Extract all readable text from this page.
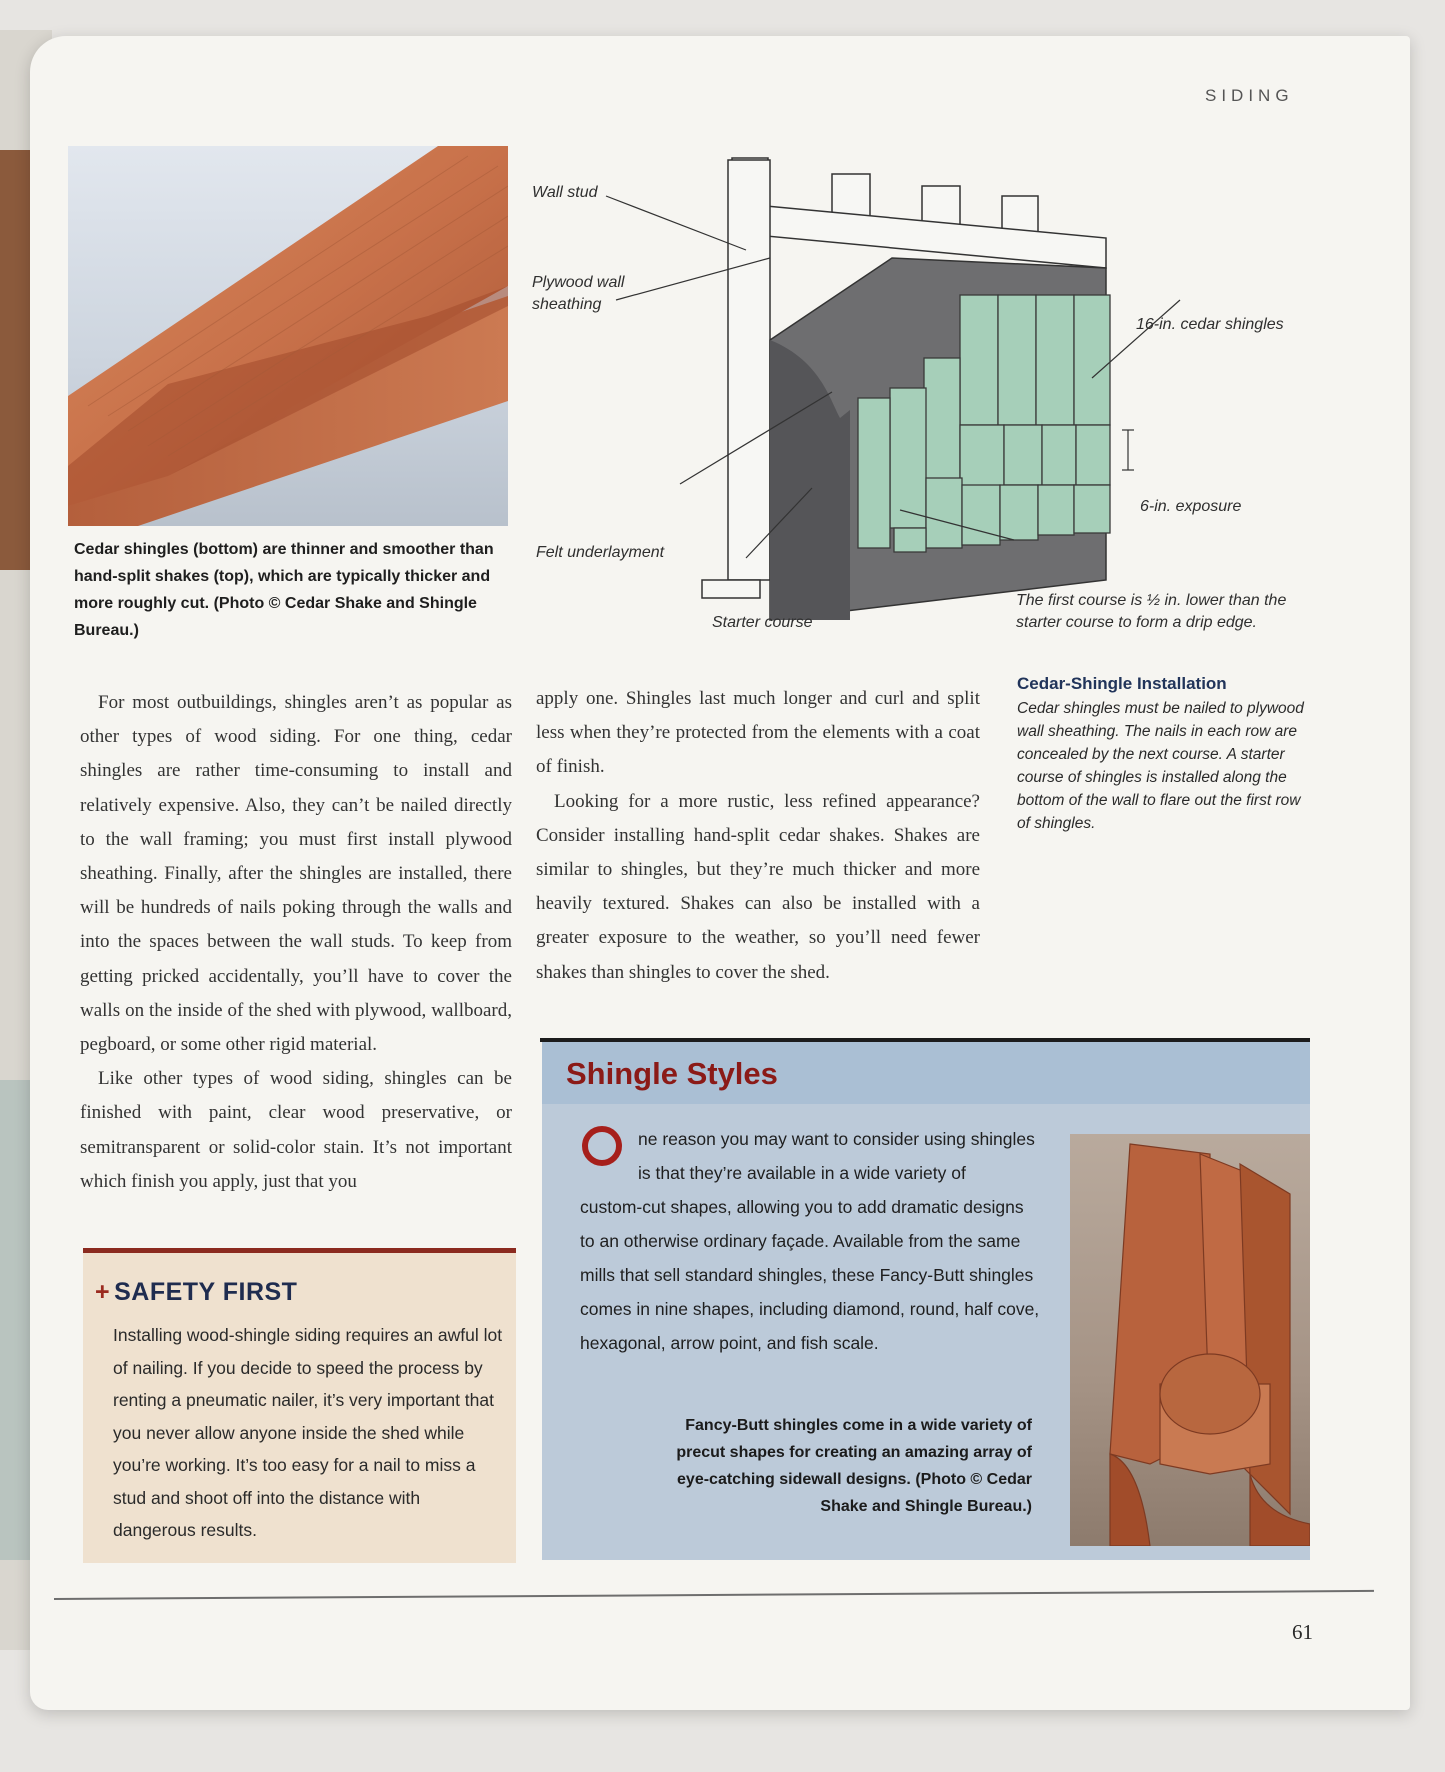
SIDING
Cedar shingles (bottom) are thinner and smoother than hand-split shakes (top), which are typically thicker and more roughly cut. (Photo © Cedar Shake and Shingle Bureau.)
Wall stud
Plywood wall
sheathing
Felt underlayment
Starter course
16-in. cedar shingles
6-in. exposure
The first course is ½ in. lower than the
starter course to form a drip edge.
Cedar-Shingle Installation
Cedar shingles must be nailed to plywood wall sheathing. The nails in each row are concealed by the next course. A starter course of shingles is installed along the bottom of the wall to flare out the first row of shingles.

For most outbuildings, shingles aren’t as popular as other types of wood siding. For one thing, cedar shingles are rather time-consuming to install and relatively expensive. Also, they can’t be nailed directly to the wall framing; you must first install plywood sheathing. Finally, after the shingles are installed, there will be hundreds of nails poking through the walls and into the spaces between the wall studs. To keep from getting pricked accidentally, you’ll have to cover the walls on the inside of the shed with plywood, wallboard, pegboard, or some other rigid material.

Like other types of wood siding, shingles can be finished with paint, clear wood preservative, or semitransparent or solid-color stain. It’s not important which finish you apply, just that you

apply one. Shingles last much longer and curl and split less when they’re protected from the elements with a coat of finish.

Looking for a more rustic, less refined appearance? Consider installing hand-split cedar shakes. Shakes are similar to shingles, but they’re much thicker and more heavily textured. Shakes can also be installed with a greater exposure to the weather, so you’ll need fewer shakes than shingles to cover the shed.

+ SAFETY FIRST
Installing wood-shingle siding requires an awful lot of nailing. If you decide to speed the process by renting a pneumatic nailer, it’s very important that you never allow anyone inside the shed while you’re working. It’s too easy for a nail to miss a stud and shoot off into the distance with dangerous results.
Shingle Styles
ne reason you may want to consider using shingles is that they’re available in a wide variety of
custom-cut shapes, allowing you to add dramatic designs to an otherwise ordinary façade. Available from the same mills that sell standard shingles, these Fancy-Butt shingles comes in nine shapes, including diamond, round, half cove, hexagonal, arrow point, and fish scale.
Fancy-Butt shingles come in a wide variety of precut shapes for creating an amazing array of eye-catching sidewall designs. (Photo © Cedar Shake and Shingle Bureau.)
61
